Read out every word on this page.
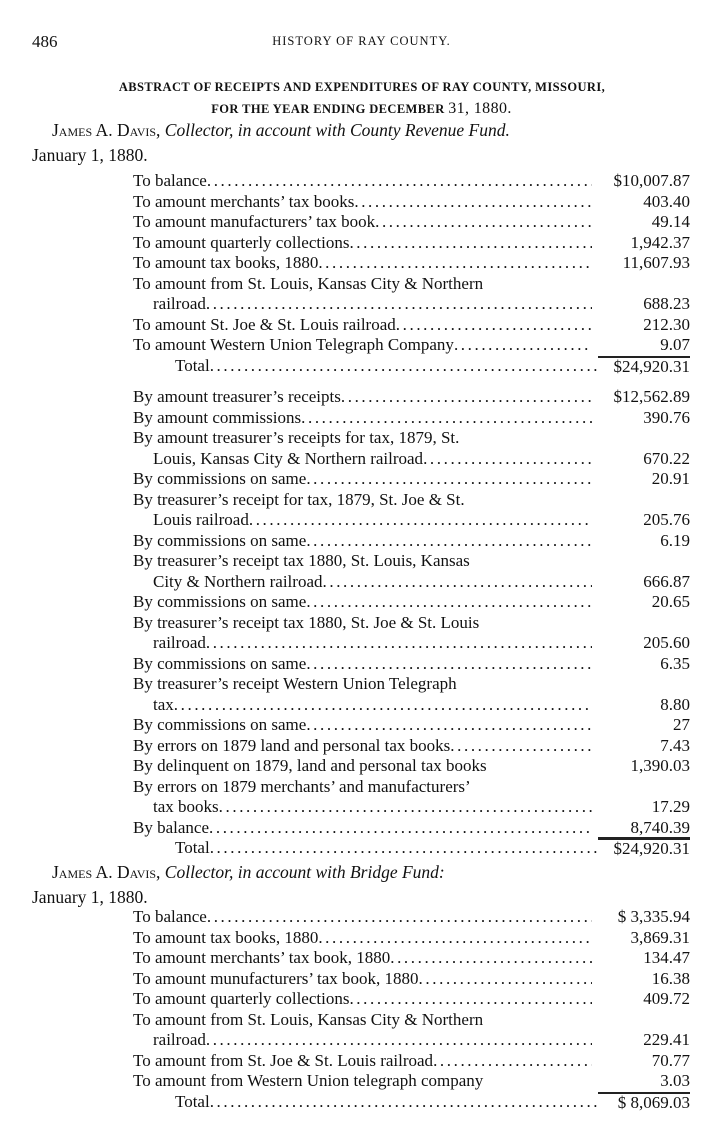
486	HISTORY OF RAY COUNTY.
ABSTRACT OF RECEIPTS AND EXPENDITURES OF RAY COUNTY, MISSOURI,
FOR THE YEAR ENDING DECEMBER 31, 1880.
James A. Davis, Collector, in account with County Revenue Fund.
January 1, 1880.
To balance .....	$10,007.87
To amount merchants’ tax books .....	403.40
To amount manufacturers’ tax book .....	49.14
To amount quarterly collections .....	1,942.37
To amount tax books, 1880 .....	11,607.93
To amount from St. Louis, Kansas City & Northern
railroad .....	688.23
To amount St. Joe & St. Louis railroad .....	212.30
To amount Western Union Telegraph Company .....	9.07
Total .....	$24,920.31
By amount treasurer’s receipts .....	$12,562.89
By amount commissions .....	390.76
By amount treasurer’s receipts for tax, 1879, St.
Louis, Kansas City & Northern railroad .....	670.22
By commissions on same .....	20.91
By treasurer’s receipt for tax, 1879, St. Joe & St.
Louis railroad .....	205.76
By commissions on same .....	6.19
By treasurer’s receipt tax 1880, St. Louis, Kansas
City & Northern railroad .....	666.87
By commissions on same .....	20.65
By treasurer’s receipt tax 1880, St. Joe & St. Louis
railroad .....	205.60
By commissions on same .....	6.35
By treasurer’s receipt Western Union Telegraph
tax .....	8.80
By commissions on same .....	27
By errors on 1879 land and personal tax books .....	7.43
By delinquent on 1879, land and personal tax books	1,390.03
By errors on 1879 merchants’ and manufacturers’
tax books .....	17.29
By balance .....	8,740.39
Total .....	$24,920.31
James A. Davis, Collector, in account with Bridge Fund:
January 1, 1880.
To balance .....	$ 3,335.94
To amount tax books, 1880 .....	3,869.31
To amount merchants’ tax book, 1880 .....	134.47
To amount munufacturers’ tax book, 1880 .....	16.38
To amount quarterly collections .....	409.72
To amount from St. Louis, Kansas City & Northern
railroad .....	229.41
To amount from St. Joe & St. Louis railroad .....	70.77
To amount from Western Union telegraph company	3.03
Total .....	$ 8,069.03
